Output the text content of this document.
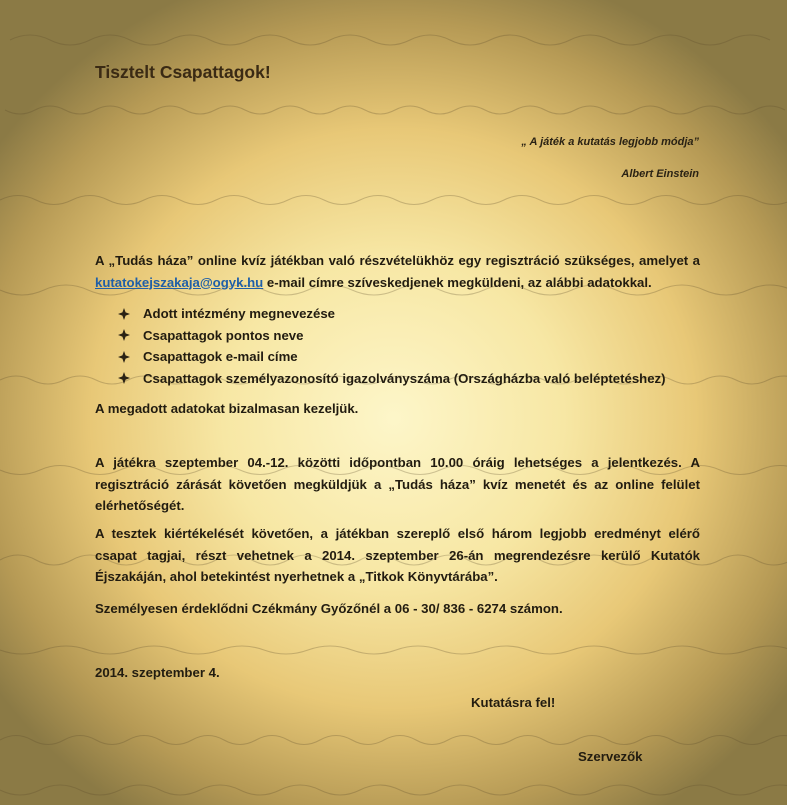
Tisztelt Csapattagok!
„ A játék a kutatás legjobb módja”
Albert Einstein
A „Tudás háza” online kvíz játékban való részvételükhöz egy regisztráció szükséges, amelyet a kutatokejszakaja@ogyk.hu e-mail címre szíveskedjenek megküldeni, az alábbi adatokkal.
Adott intézmény megnevezése
Csapattagok pontos neve
Csapattagok e-mail címe
Csapattagok személyazonosító igazolványszáma (Országházba való beléptetéshez)
A megadott adatokat bizalmasan kezeljük.
A játékra szeptember 04.-12. közötti időpontban 10.00 óráig lehetséges a jelentkezés. A regisztráció zárását követően megküldjük a „Tudás háza” kvíz menetét és az online felület elérhetőségét.
A tesztek kiértékelését követően, a játékban szereplő első három legjobb eredményt elérő csapat tagjai, részt vehetnek a 2014. szeptember 26-án megrendezésre kerülő Kutatók Éjszakáján, ahol betekintést nyerhetnek a „Titkok Könyvtárába”.
Személyesen érdeklődni Czékmány Győzőnél a 06 - 30/ 836 - 6274 számon.
2014. szeptember 4.
Kutatásra fel!
Szervezők
